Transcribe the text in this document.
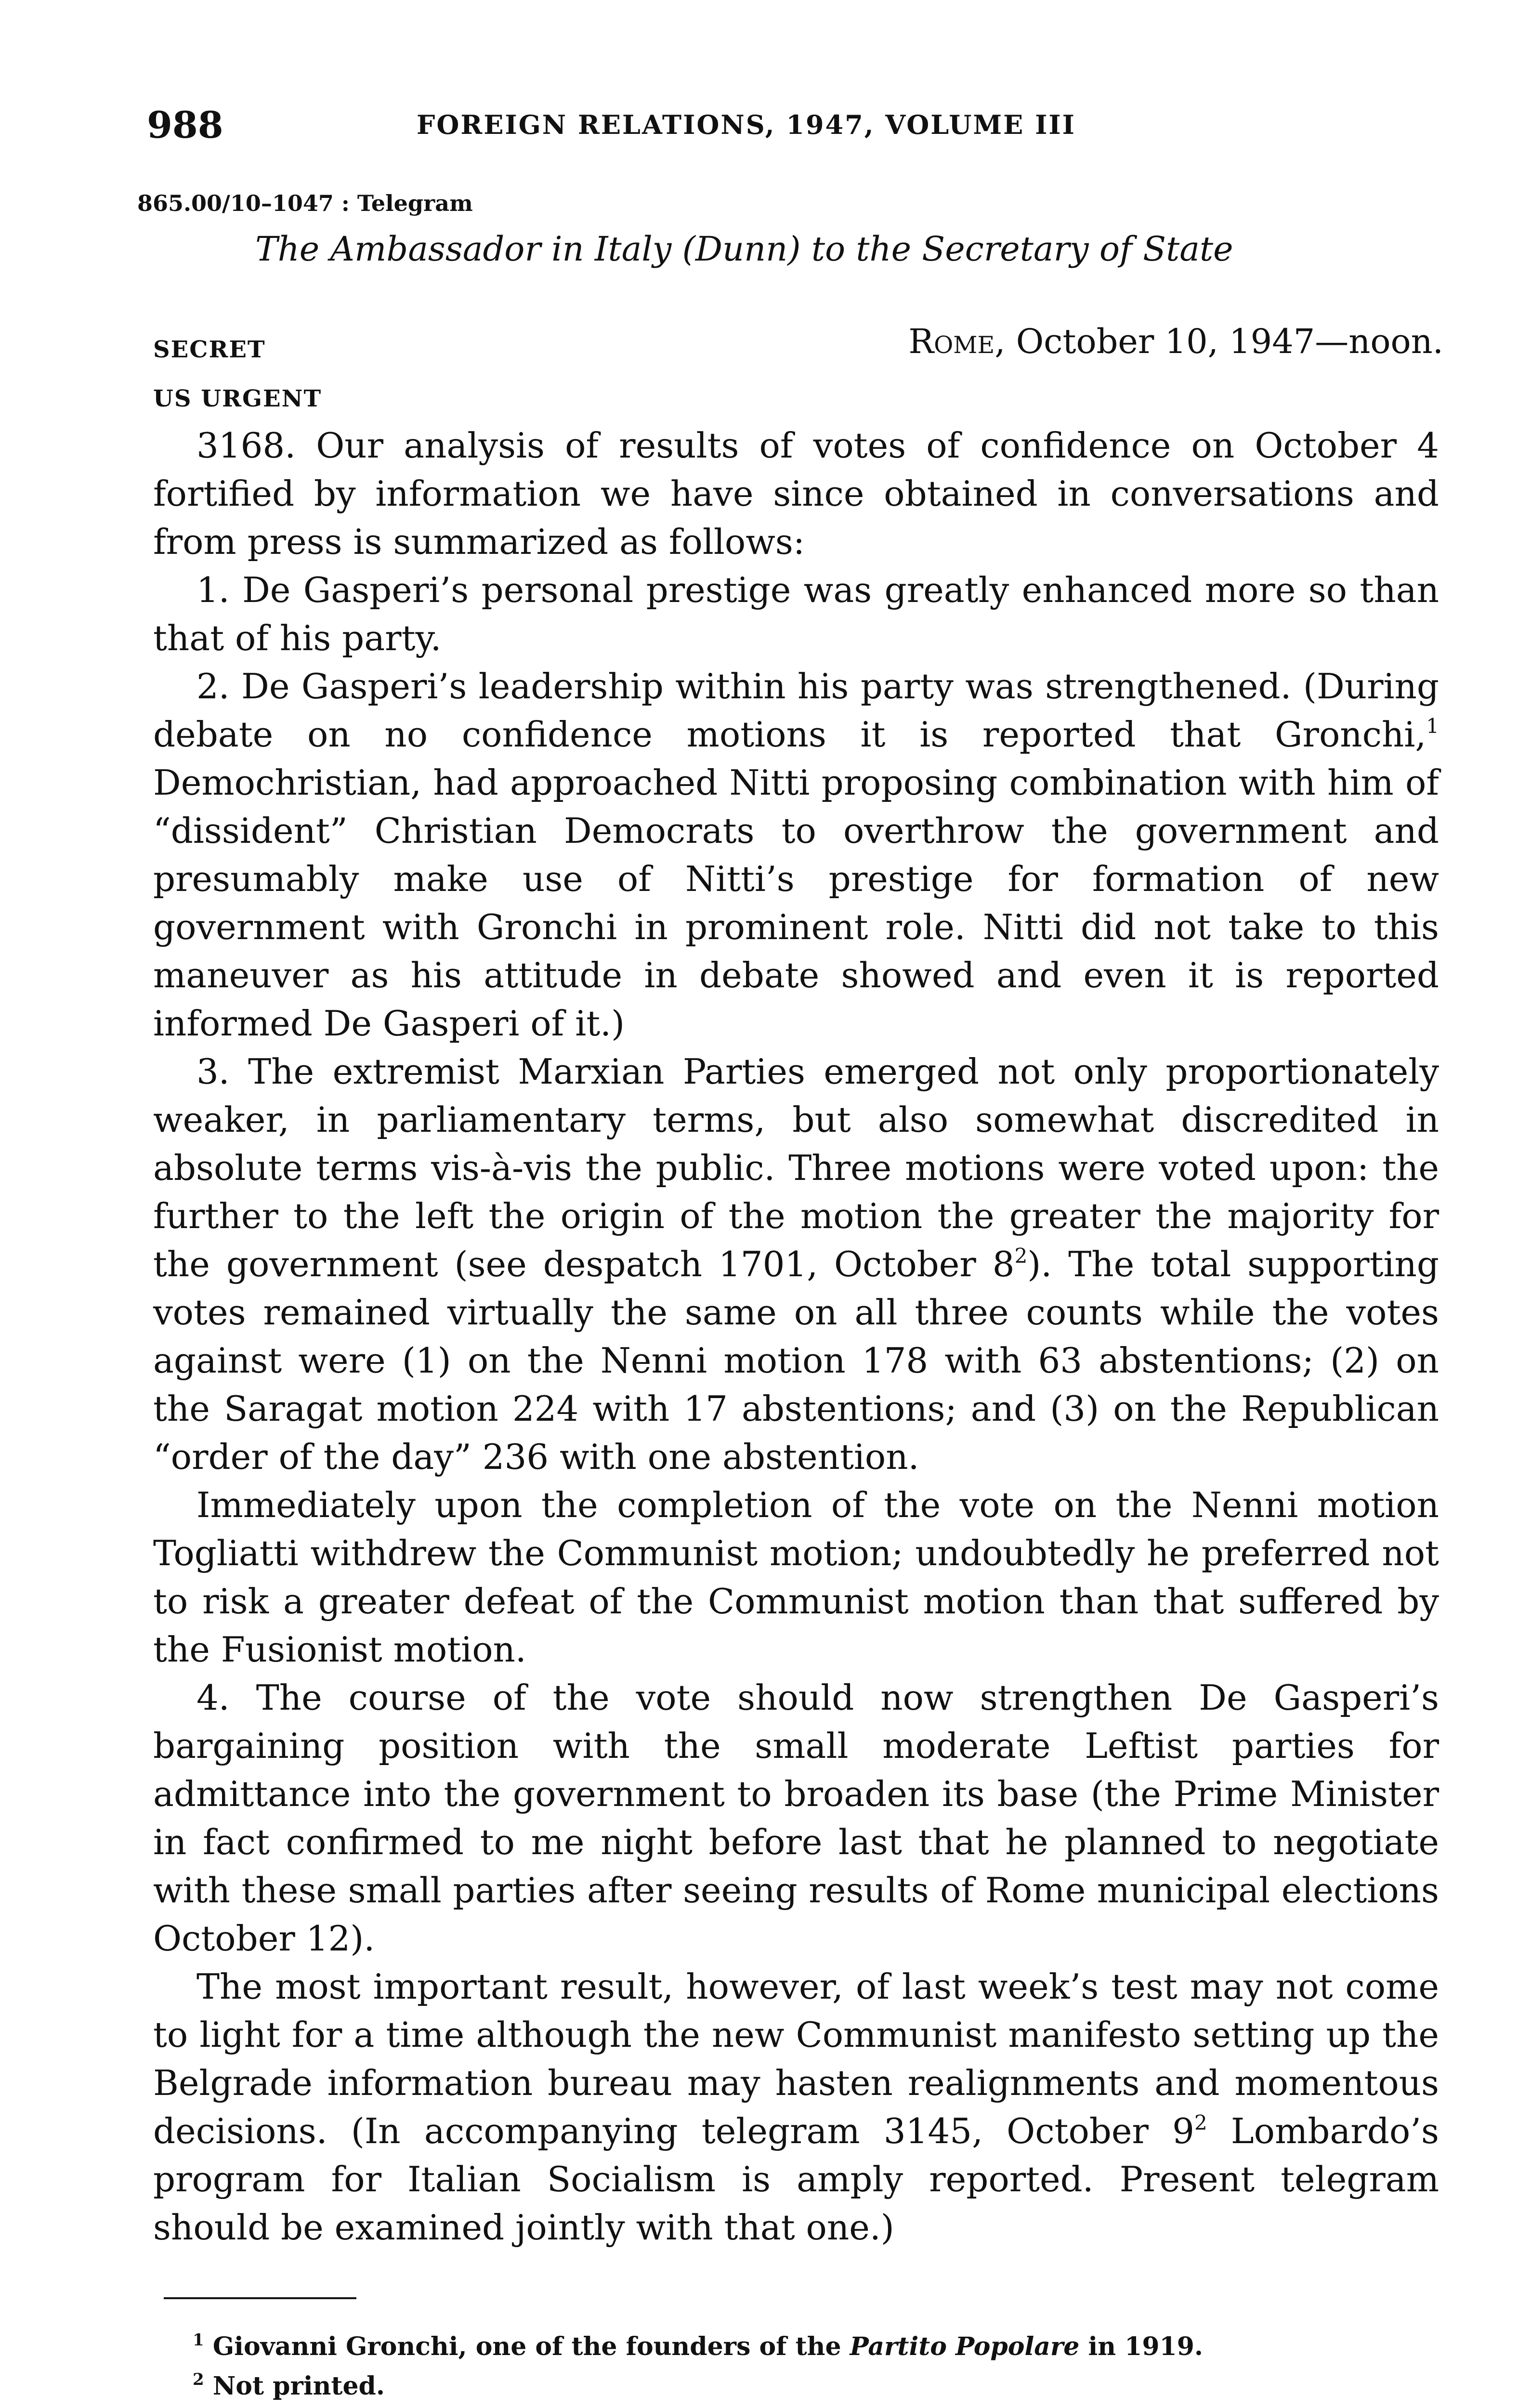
988	FOREIGN RELATIONS, 1947, VOLUME III
865.00/10–1047 : Telegram
The Ambassador in Italy (Dunn) to the Secretary of State
SECRET
US URGENT
Rome, October 10, 1947—noon.

3168. Our analysis of results of votes of confidence on October 4 fortified by information we have since obtained in conversations and from press is summarized as follows:

1. De Gasperi’s personal prestige was greatly enhanced more so than that of his party.

2. De Gasperi’s leadership within his party was strengthened. (During debate on no confidence motions it is reported that Gronchi,$^1$ Demochristian, had approached Nitti proposing combination with him of “dissident” Christian Democrats to overthrow the government and presumably make use of Nitti’s prestige for formation of new government with Gronchi in prominent role. Nitti did not take to this maneuver as his attitude in debate showed and even it is reported informed De Gasperi of it.)

3. The extremist Marxian Parties emerged not only proportionately weaker, in parliamentary terms, but also somewhat discredited in absolute terms vis-à-vis the public. Three motions were voted upon: the further to the left the origin of the motion the greater the majority for the government (see despatch 1701, October $8^2$). The total supporting votes remained virtually the same on all three counts while the votes against were (1) on the Nenni motion 178 with 63 abstentions; (2) on the Saragat motion 224 with 17 abstentions; and (3) on the Republican “order of the day” 236 with one abstention.

Immediately upon the completion of the vote on the Nenni motion Togliatti withdrew the Communist motion; undoubtedly he preferred not to risk a greater defeat of the Communist motion than that suffered by the Fusionist motion.

4. The course of the vote should now strengthen De Gasperi’s bargaining position with the small moderate Leftist parties for admittance into the government to broaden its base (the Prime Minister in fact confirmed to me night before last that he planned to negotiate with these small parties after seeing results of Rome municipal elections October 12).

The most important result, however, of last week’s test may not come to light for a time although the new Communist manifesto setting up the Belgrade information bureau may hasten realignments and momentous decisions. (In accompanying telegram 3145, October $9^2$ Lombardo’s program for Italian Socialism is amply reported. Present telegram should be examined jointly with that one.)

$^1$ Giovanni Gronchi, one of the founders of the Partito Popolare in 1919.
$^2$ Not printed.
